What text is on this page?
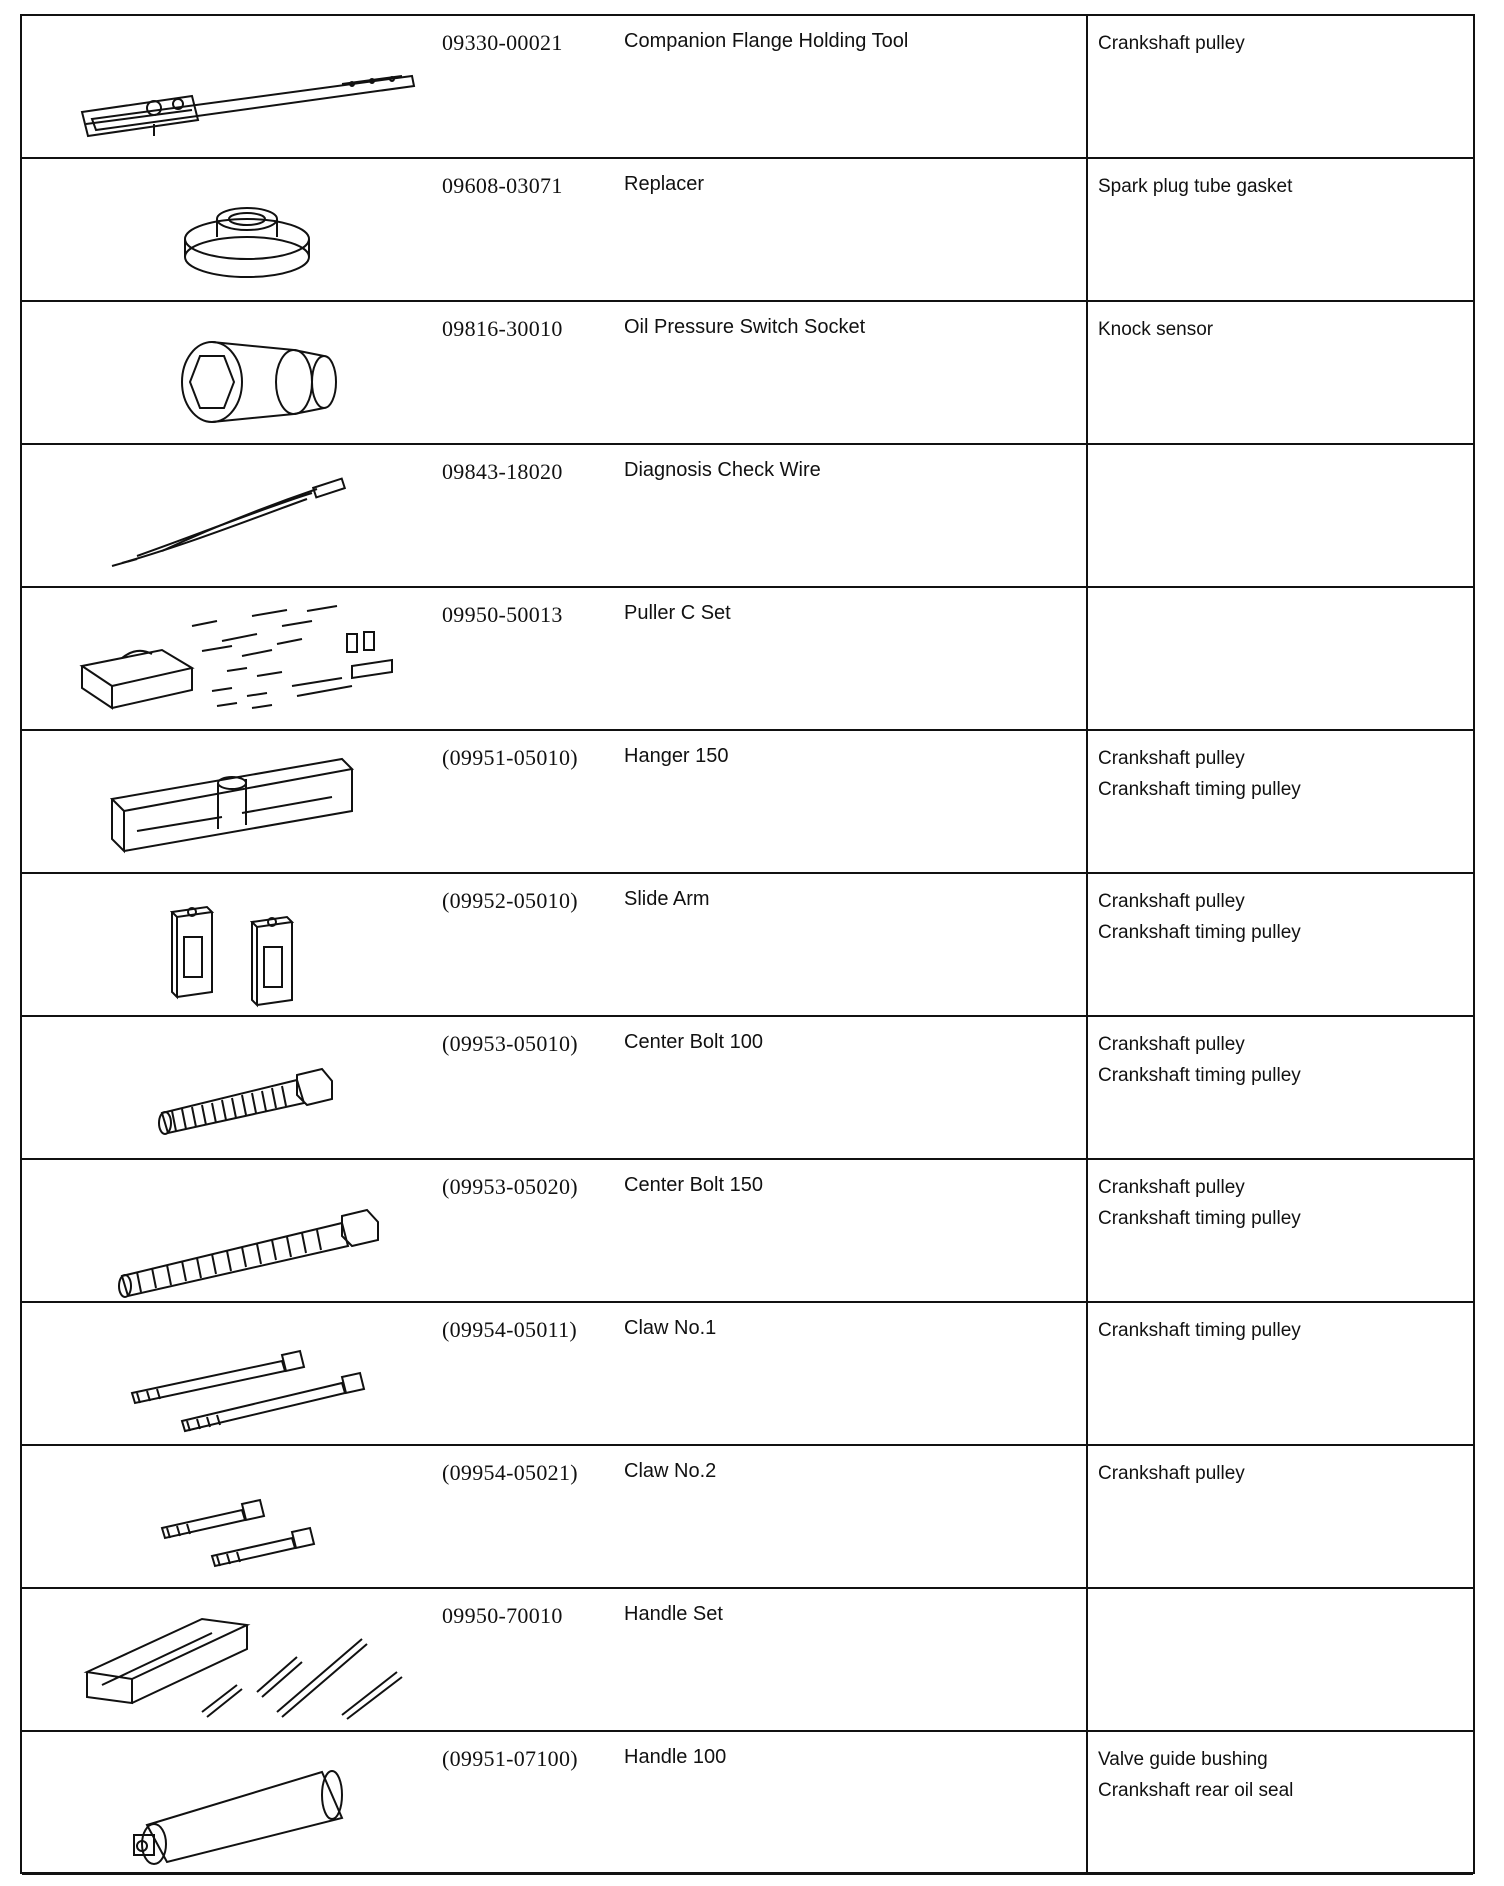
09330-00021	Companion Flange Holding Tool	Crankshaft pulley
09608-03071	Replacer	Spark plug tube gasket
09816-30010	Oil Pressure Switch Socket	Knock sensor
09843-18020	Diagnosis Check Wire
09950-50013	Puller C Set
(09951-05010) Hanger 150	Crankshaft pulley
Crankshaft timing pulley
(09952-05010) Slide Arm	Crankshaft pulley
Crankshaft timing pulley
(09953-05010) Center Bolt 100	Crankshaft pulley
Crankshaft timing pulley
(09953-05020) Center Bolt 150	Crankshaft pulley
Crankshaft timing pulley
(09954-05011) Claw No.1	Crankshaft timing pulley
(09954-05021) Claw No.2	Crankshaft pulley
09950-70010	Handle Set
(09951-07100) Handle 100	Valve guide bushing
Crankshaft rear oil seal
